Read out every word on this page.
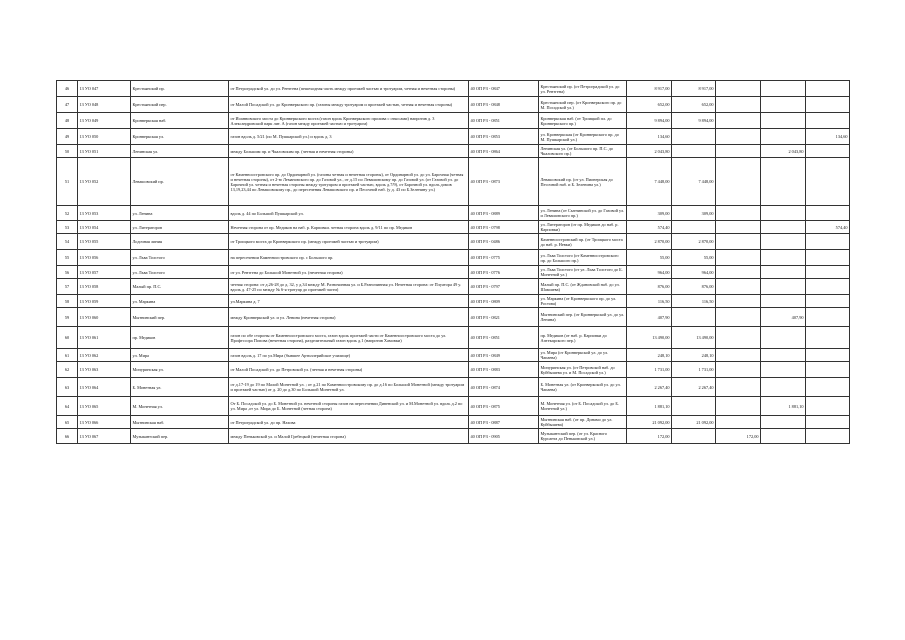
46	13 УО 047	Крестьянский пр.	от Петроградской ул. до ул. Рентгена (пешеходная часть между проезжей частью и тротуаром, четная и нечетная стороны)	40 ОП РЗ - 0847	Крестьянский пр. (от Петроградской ул. до ул. Рентгена)	8 917,00	8 917,00			
47	13 УО 048	Крестьянский пер.	от Малой Посадской ул. до Кронверкского пр. (газоны между тротуаром и проезжей частью, четная и нечетная стороны)	40 ОП РЗ - 0848	Крестьянский пер. (от Кронверкского пр. до М. Посадской ул.)	652,00	652,00			
48	13 УО 049	Кронверкская наб.	от Иоанновского моста до Кронверкского моста (газон вдоль Кронверкского пролива с откосами) напротив д. 3 Александровский парк лит. А (газон между проезжей частью и тротуаром)	40 ОП РЗ - 0851	Кронверкская наб. (от Троицкой пл. до Кронверкского пр.)	9 894,00	9 894,00			
49	13 УО 050	Кронверкская ул.	газон вдоль д. 5/21 (по М. Пушкарской ул.) и вдоль д. 3	40 ОП РЗ - 0853	ул. Кронверкская (от Кронверкского пр. до М. Пушкарской ул.)	134,60				134,60
50	13 УО 051	Ленинская ул.	между Большим пр. и Чкаловским пр. (четная и нечетная стороны)	40 ОП РЗ - 0864	Ленинская ул. (от Большого пр. П.С. до Чкаловского пр.)	2 043,80			2 043,80	
51	13 УО 052	Левашовский пр.	от Каменноостровского пр. до Ординарной ул. (газоны четная и нечетная стороны), от Ординарной ул. до ул. Барочная (четная и нечетная стороны), от 2-ю Лемановского пр. до Газовой ул., от д.15 по Левашовскому пр. до Газовой ул. (от Газовой ул. до Барочной ул. четная и нечетная стороны между тротуаром и проезжей частью, вдоль д.7/9), от Барочной ул. вдоль домов 13,19,23,44 по Левашовскому пр., до пересечения Левашовского пр. и Песочной наб. (у д. 43 по Б.Зеленину ул.)	40 ОП РЗ - 0873	Левашовский пр. (от ул. Пионерская до Песочной наб. и Б. Зеленина ул.)	7 448,00	7 448,00			
52	13 УО 053	ул. Ленина	вдоль д. 44 по Большой Пушкарской ул.	40 ОП РЗ - 0889	ул. Ленина (от Сытнинской ул. до Газовой ул. и Левашовского пр.)	309,00	309,00			
53	13 УО 054	ул. Литераторов	Нечетная сторона от пр. Медиков на наб. р. Карповки. четная сторона вдоль д. 9/11 по пр. Медиков	40 ОП РЗ - 0798	ул. Литераторов (от пр. Медиков до наб. р. Карповки)	574,40				574,40
54	13 УО 055	Лодочная линия	от Троицкого моста до Кронверкского пр. (между проезжей частью и тротуаром)	40 ОП РЗ - 0486	Каменноостровский пр. (от Троицкого моста до наб. р. Невки)	2 870,00	2 870,00			
55	13 УО 056	ул. Льва Толстого	на пересечении Каменноостровского пр. с Большого пр.	40 ОП РЗ - 0775	ул. Льва Толстого (от Каменноостровского пр. до Большого пр.)	55,00	55,00			
56	13 УО 057	ул. Льва Толстого	от ул. Рентгена до Большой Монетной ул. (нечетная сторона)	40 ОП РЗ - 0776	ул. Льва Толстого (от ул. Льва Толстого до Б. Монетной ул.)	964,00	964,00			
57	13 УО 058	Малый пр. П.С.	четная сторона: от д.26-28 до д. 32, у д.34 между М. Разночинная ул. и Б.Разночинная ул. Нечетная сторона: от Плуатора 49 у. вдоль д. 47-25 по между № 6-я тротуар до проезжей части)	40 ОП РЗ - 0797	Малый пр. П.С. (от Ждановской наб. до ул. Шамшева)	876,00	876,00			
58	13 УО 059	ул. Маркина	ул.Маркина д. 7	40 ОП РЗ - 0809	ул. Маркина (от Кронверкского пр. до ул. Ростова)	116,50	116,50			
59	13 УО 060	Мытнинский пер.	между Кронверкской ул. и ул. Ленина (нечетная сторона)	40 ОП РЗ - 0821	Мытнинский пер. (от Кронверкской ул. до ул. Ленина)	407,90			407,90	
60	13 УО 061	пр. Медиков	газон по обе стороны от Каменноостровского моста, газон вдоль проезжей части от Каменноостровского моста до ул. Профессора Попова (нечетная сторона), разделительный газон вдоль д.1 (напротив Хамовки)	40 ОП РЗ - 0851	пр. Медиков (от наб. р. Карповки до Аптекарского пер.)	13 490,00	13 490,00			
61	13 УО 062	ул. Мира	газон вдоль д. 17 по ул.Мира (бывшее Артиллерийское училище)	40 ОП РЗ - 0849	ул. Мира (от Кронверкской ул. до ул. Чапаева)	248,10	248,10			
62	13 УО 063	Мичуринская ул.	от Малой Посадской ул. до Петровской ул. (четная и нечетная стороны)	40 ОП РЗ - 0883	Мичуринская ул. (от Петровской наб. до Куйбышева ул. и М. Посадской ул.)	1 731,00	1 731,00			
63	13 УО 064	Б. Монетная ул.	от д.17-19 до 19 по Малой Монетной ул. ; от д.21 по Каменноостровскому пр. до д.16 по Большой Монетной (между тротуаром и проезжей частью) от д. 20 до д.30 по Большой Монетной ул.	40 ОП РЗ - 0874	Б. Монетная ул. (от Кронверкской ул. до ул. Чапаева)	2 267,40	2 267,40			
64	13 УО 065	М. Монетная ул.	От Б. Посадской ул. до Б. Монетной ул. нечетной стороны газон на пересечении Дивенской ул. и М.Монетной ул. вдоль д.2 по ул. Мира ,от ул. Мира до Б. Монетной (четная сторона)	40 ОП РЗ - 0875	М. Монетная ул. (от Б. Посадской ул. до Б. Монетной ул.)	1 881,10			1 881,10	
65	13 УО 066	Мытнинская наб.	от Петроградской ул. до пр. Нахова	40 ОП РЗ - 0887	Мытнинская наб. (от пр. Динамо до ул. Куйбышева)	21 092,00	21 092,00			
66	13 УО 067	Музыкантский пер.	между Пеньковской ул. и Малой Гребецкой (нечетная сторона)	40 ОП РЗ - 0905	Музыкантский пер. (от ул. Красного Курсанта до Пеньковской ул.)	172,00		172,00		
